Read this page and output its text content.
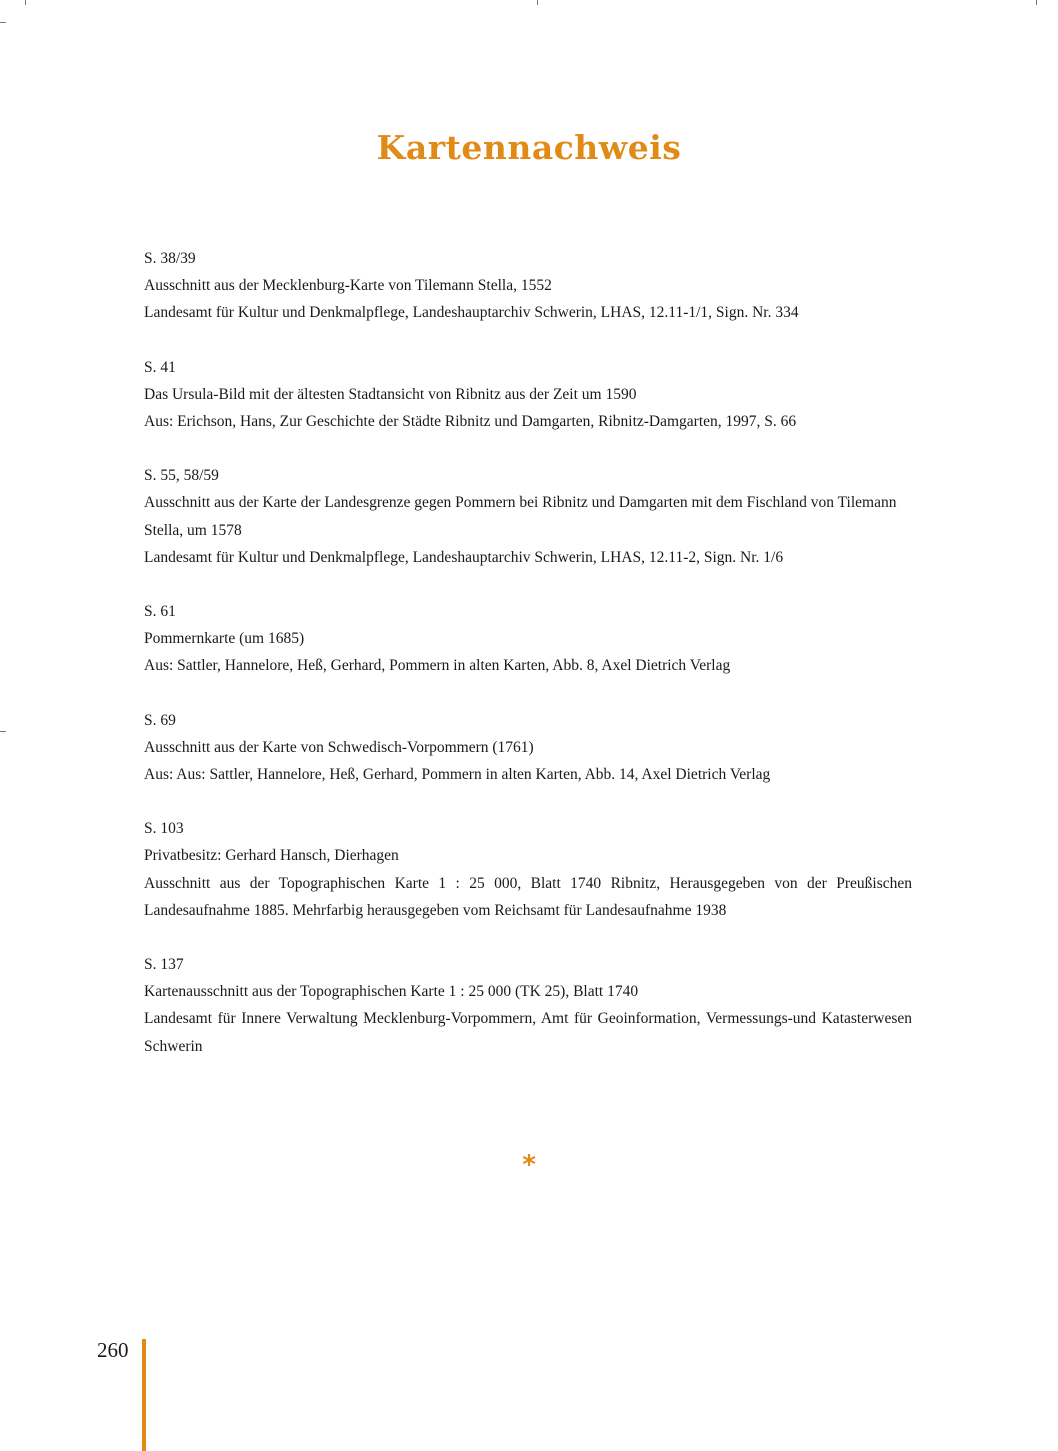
Kartennachweis

S. 38/39

Ausschnitt aus der Mecklenburg-Karte von Tilemann Stella, 1552

Landesamt für Kultur und Denkmalpflege, Landeshauptarchiv Schwerin, LHAS, 12.11-1/1, Sign. Nr. 334

S. 41

Das Ursula-Bild mit der ältesten Stadtansicht von Ribnitz aus der Zeit um 1590

Aus: Erichson, Hans, Zur Geschichte der Städte Ribnitz und Damgarten, Ribnitz-Damgarten, 1997, S. 66

S. 55, 58/59

Ausschnitt aus der Karte der Landesgrenze gegen Pommern bei Ribnitz und Damgarten mit dem Fischland von Tilemann Stella, um 1578

Landesamt für Kultur und Denkmalpflege, Landeshauptarchiv Schwerin, LHAS, 12.11-2, Sign. Nr. 1/6

S. 61

Pommernkarte (um 1685)

Aus: Sattler, Hannelore, Heß, Gerhard, Pommern in alten Karten, Abb. 8, Axel Dietrich Verlag

S. 69

Ausschnitt aus der Karte von Schwedisch-Vorpommern (1761)

Aus: Aus: Sattler, Hannelore, Heß, Gerhard, Pommern in alten Karten, Abb. 14, Axel Dietrich Verlag

S. 103

Privatbesitz: Gerhard Hansch, Dierhagen

Ausschnitt aus der Topographischen Karte 1 : 25 000, Blatt 1740 Ribnitz, Herausgegeben von der Preußischen Landesaufnahme 1885. Mehrfarbig herausgegeben vom Reichsamt für Landesaufnahme 1938

S. 137

Kartenausschnitt aus der Topographischen Karte 1 : 25 000 (TK 25), Blatt 1740

Landesamt für Innere Verwaltung Mecklenburg-Vorpommern, Amt für Geoinformation, Vermessungs-und Katasterwesen Schwerin

*
260
